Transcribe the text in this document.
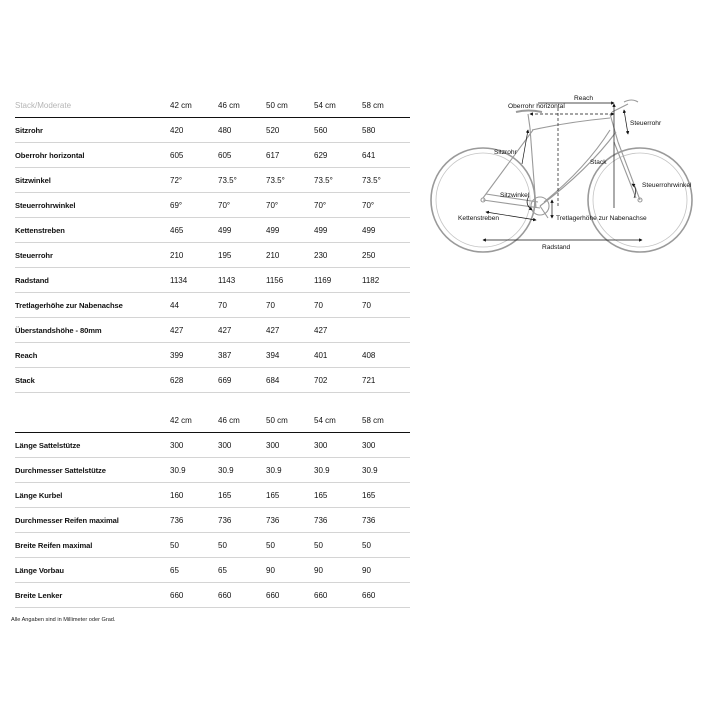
Stack/Moderate	42 cm	46 cm	50 cm	54 cm	58 cm
Sitzrohr	420	480	520	560	580
Oberrohr horizontal	605	605	617	629	641
Sitzwinkel	72°	73.5°	73.5°	73.5°	73.5°
Steuerrohrwinkel	69°	70°	70°	70°	70°
Kettenstreben	465	499	499	499	499
Steuerrohr	210	195	210	230	250
Radstand	1134	1143	1156	1169	1182
Tretlagerhöhe zur Nabenachse	44	70	70	70	70
Überstandshöhe - 80mm	427	427	427	427	
Reach	399	387	394	401	408
Stack	628	669	684	702	721
	42 cm	46 cm	50 cm	54 cm	58 cm
Länge Sattelstütze	300	300	300	300	300
Durchmesser Sattelstütze	30.9	30.9	30.9	30.9	30.9
Länge Kurbel	160	165	165	165	165
Durchmesser Reifen maximal	736	736	736	736	736
Breite Reifen maximal	50	50	50	50	50
Länge Vorbau	65	65	90	90	90
Breite Lenker	660	660	660	660	660
Alle Angaben sind in Millimeter oder Grad.
Reach
Oberrohr horizontal
Steuerrohr
Sitzrohr
Stack
Sitzwinkel
Steuerrohrwinkel
Kettenstreben	Tretlagerhöhe zur Nabenachse
Radstand
